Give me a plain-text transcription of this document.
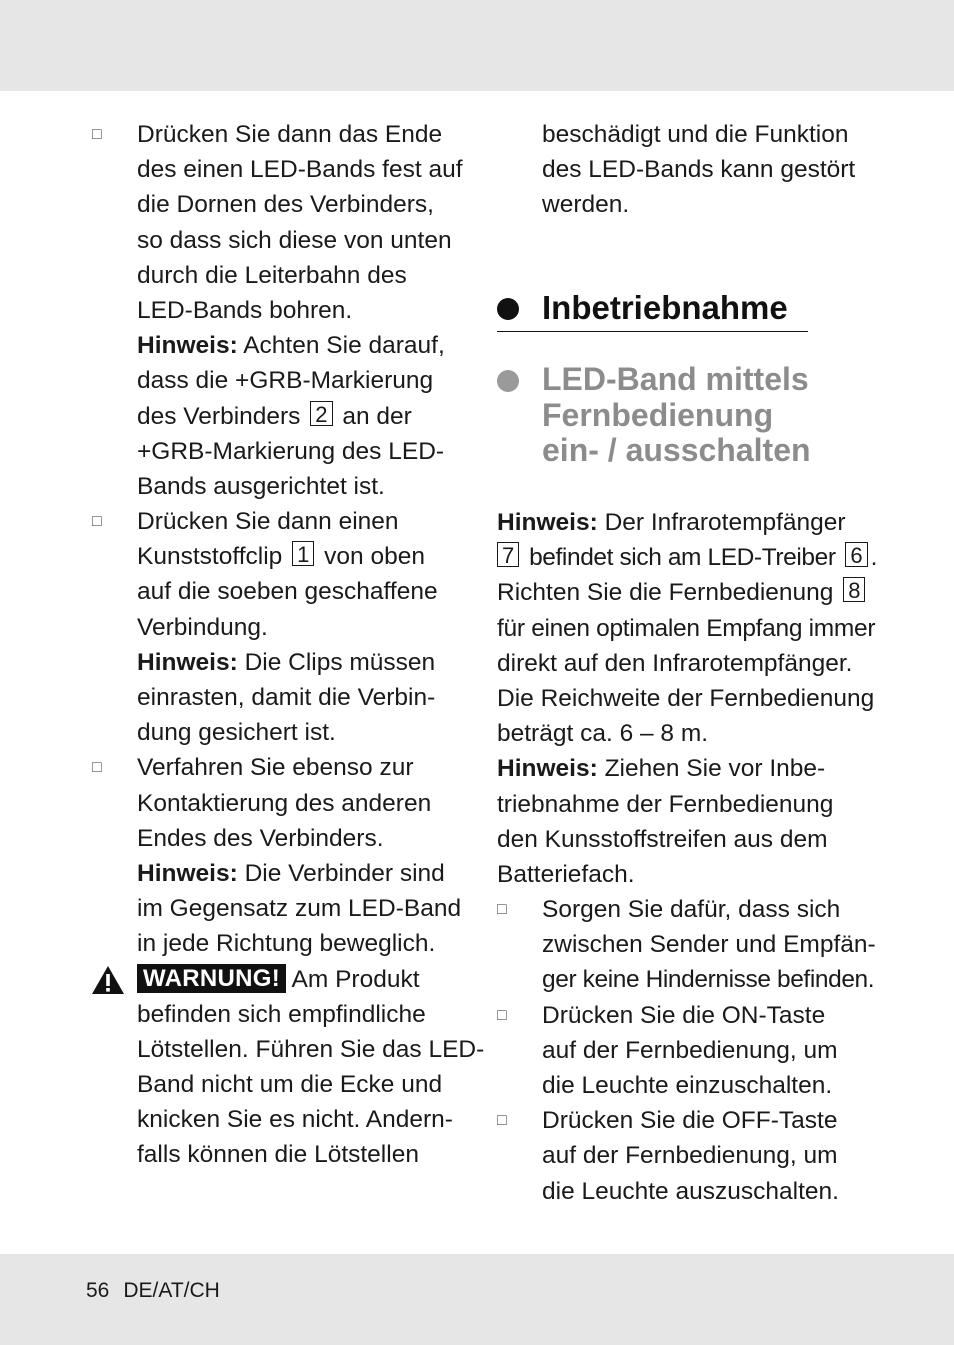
□ Drücken Sie dann das Ende
des einen LED-Bands fest auf
die Dornen des Verbinders,
so dass sich diese von unten
durch die Leiterbahn des
LED-Bands bohren.
Hinweis: Achten Sie darauf,
dass die +GRB-Markierung
des Verbinders 2 an der
+GRB-Markierung des LED-
Bands ausgerichtet ist.
□ Drücken Sie dann einen
Kunststoffclip 1 von oben
auf die soeben geschaffene
Verbindung.
Hinweis: Die Clips müssen
einrasten, damit die Verbin-
dung gesichert ist.
□ Verfahren Sie ebenso zur
Kontaktierung des anderen
Endes des Verbinders.
Hinweis: Die Verbinder sind
im Gegensatz zum LED-Band
in jede Richtung beweglich.
WARNUNG! Am Produkt
befinden sich empfindliche
Lötstellen. Führen Sie das LED-
Band nicht um die Ecke und
knicken Sie es nicht. Andern-
falls können die Lötstellen
beschädigt und die Funktion
des LED-Bands kann gestört
werden.
Inbetriebnahme
LED-Band mittels
Fernbedienung
ein- / ausschalten
Hinweis: Der Infrarotempfänger
7 befindet sich am LED-Treiber 6 .
Richten Sie die Fernbedienung 8
für einen optimalen Empfang immer
direkt auf den Infrarotempfänger.
Die Reichweite der Fernbedienung
beträgt ca. 6 – 8 m.
Hinweis: Ziehen Sie vor Inbe-
triebnahme der Fernbedienung
den Kunsstoffstreifen aus dem
Batteriefach.
□ Sorgen Sie dafür, dass sich
zwischen Sender und Empfän-
ger keine Hindernisse befinden.
□ Drücken Sie die ON-Taste
auf der Fernbedienung, um
die Leuchte einzuschalten.
□ Drücken Sie die OFF-Taste
auf der Fernbedienung, um
die Leuchte auszuschalten.
56 DE/AT/CH
